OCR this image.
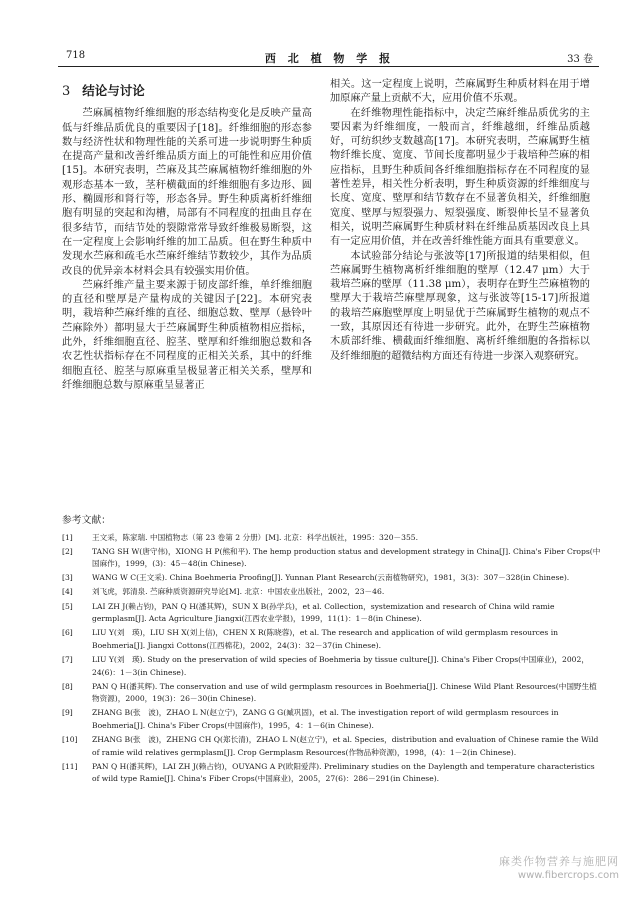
718	西 北 植 物 学 报	33 卷
3 结论与讨论

苎麻属植物纤维细胞的形态结构变化是反映产量高低与纤维品质优良的重要因子[18]。纤维细胞的形态参数与经济性状和物理性能的关系可进一步说明野生种质在提高产量和改善纤维品质方面上的可能性和应用价值[15]。本研究表明，苎麻及其苎麻属植物纤维细胞的外观形态基本一致，茎秆横截面的纤维细胞有多边形、圆形、椭圆形和肾行等，形态各异。野生种质离析纤维细胞有明显的突起和沟槽，局部有不同程度的扭曲且存在很多结节，而结节处的裂隙常常导致纤维极易断裂，这在一定程度上会影响纤维的加工品质。但在野生种质中发现水苎麻和疏毛水苎麻纤维结节数较少，其作为品质改良的优异亲本材料会具有较强实用价值。

苎麻纤维产量主要来源于韧皮部纤维，单纤维细胞的直径和壁厚是产量构成的关键因子[22]。本研究表明，栽培种苎麻纤维的直径、细胞总数、壁厚（悬铃叶苎麻除外）都明显大于苎麻属野生种质植物相应指标，此外，纤维细胞直径、腔茎、壁厚和纤维细胞总数和各农艺性状指标存在不同程度的正相关关系，其中的纤维细胞直径、腔茎与原麻重呈极显著正相关关系，壁厚和纤维细胞总数与原麻重呈显著正

相关。这一定程度上说明，苎麻属野生种质材料在用于增加原麻产量上贡献不大，应用价值不乐观。

在纤维物理性能指标中，决定苎麻纤维品质优劣的主要因素为纤维细度，一般而言，纤维越细，纤维品质越好，可纺织纱支数越高[17]。本研究表明，苎麻属野生植物纤维长度、宽度、节间长度都明显少于栽培种苎麻的相应指标，且野生种质间各纤维细胞指标存在不同程度的显著性差异，相关性分析表明，野生种质资源的纤维细度与长度、宽度、壁厚和结节数存在不显著负相关，纤维细胞宽度、壁厚与短裂强力、短裂强度、断裂伸长呈不显著负相关，说明苎麻属野生种质材料在纤维品质基因改良上具有一定应用价值，并在改善纤维性能方面具有重要意义。

本试验部分结论与张波等[17]所报道的结果相似，但苎麻属野生植物离析纤维细胞的壁厚（12.47 μm）大于栽培苎麻的壁厚（11.38 μm），表明存在野生苎麻植物的壁厚大于栽培苎麻壁厚现象，这与张波等[15-17]所报道的栽培苎麻胞壁厚度上明显优于苎麻属野生植物的观点不一致，其原因还有待进一步研究。此外，在野生苎麻植物木质部纤维、横截面纤维细胞、离析纤维细胞的各指标以及纤维细胞的超微结构方面还有待进一步深入观察研究。

参考文献：
[1]	王文采，陈家瑞. 中国植物志（第 23 卷第 2 分册）[M]. 北京：科学出版社，1995：320－355.
[2]	TANG SH W(唐守伟)，XIONG H P(熊和平). The hemp production status and development strategy in China[J]. China's Fiber Crops(中国麻作)，1999，(3)：45－48(in Chinese).
[3]	WANG W C(王文采). China Boehmeria Proofing[J]. Yunnan Plant Research(云南植物研究)，1981，3(3)：307－328(in Chinese).
[4]	刘飞虎，郭清泉. 苎麻种质资源研究导论[M]. 北京：中国农业出版社，2002，23－46.
[5]	LAI ZH J(赖占钧)，PAN Q H(潘其辉)，SUN X B(孙学兵)，et al. Collection，systemization and research of China wild ramie germplasm[J]. Acta Agriculture Jiangxi(江西农业学报)，1999，11(1)：1－8(in Chinese).
[6]	LIU Y(刘　瑛)，LIU SH X(刘上信)，CHEN X R(陈晓蓉)，et al. The research and application of wild germplasm resources in Boehmeria[J]. Jiangxi Cottons(江西棉花)，2002，24(3)：32－37(in Chinese).
[7]	LIU Y(刘　瑛). Study on the preservation of wild species of Boehmeria by tissue culture[J]. China's Fiber Crops(中国麻业)，2002，24(6)：1－3(in Chinese).
[8]	PAN Q H(潘其辉). The conservation and use of wild germplasm resources in Boehmeria[J]. Chinese Wild Plant Resources(中国野生植物资源)，2000，19(3)：26－30(in Chinese).
[9]	ZHANG B(张　波)，ZHAO L N(赵立宁)，ZANG G G(臧巩固)，et al. The investigation report of wild germplasm resources in Boehmeria[J]. China's Fiber Crops(中国麻作)，1995，4：1－6(in Chinese).
[10] ZHANG B(张　波)，ZHENG CH Q(郑长清)，ZHAO L N(赵立宁)，et al. Species，distribution and evaluation of Chinese ramie the Wild of ramie wild relatives germplasm[J]. Crop Germplasm Resources(作物品种资源)，1998，(4)：1－2(in Chinese).
[11] PAN Q H(潘其辉)，LAI ZH J(赖占钧)，OUYANG A P(欧阳爱萍). Preliminary studies on the Daylength and temperature characteristics of wild type Ramie[J]. China's Fiber Crops(中国麻业)，2005，27(6)：286－291(in Chinese).
麻类作物营养与施肥网
www.fibercrops.com
